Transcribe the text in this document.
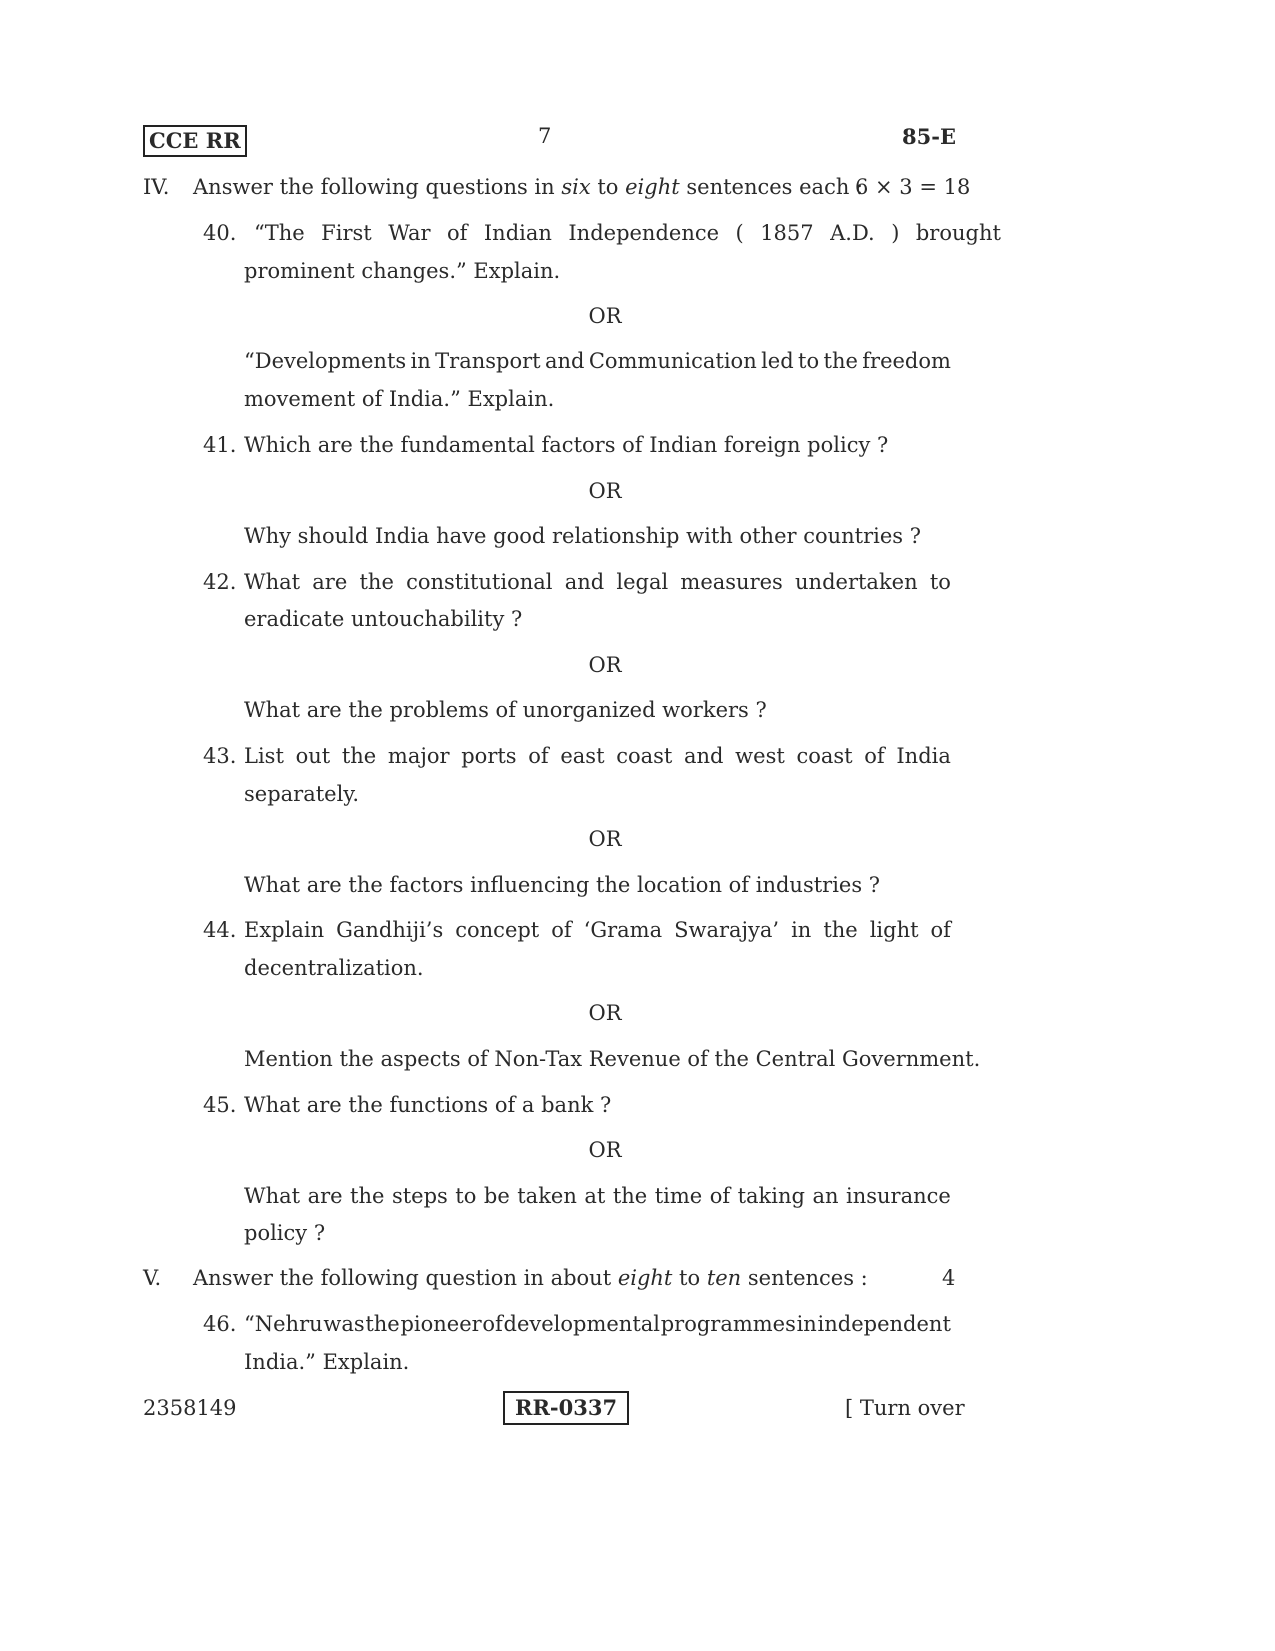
CCE RR	7	85-E
IV. Answer the following questions in six to eight sentences each :
6 × 3 = 18
40. “The First War of Indian Independence ( 1857 A.D. ) brought
prominent changes.” Explain.
OR
“Developments in Transport and Communication led to the freedom
movement of India.” Explain.
41. Which are the fundamental factors of Indian foreign policy ?
OR
Why should India have good relationship with other countries ?
42. What are the constitutional and legal measures undertaken to
eradicate untouchability ?
OR
What are the problems of unorganized workers ?
43. List out the major ports of east coast and west coast of India
separately.
OR
What are the factors influencing the location of industries ?
44. Explain Gandhiji’s concept of ‘Grama Swarajya’ in the light of
decentralization.
OR
Mention the aspects of Non-Tax Revenue of the Central Government.
45. What are the functions of a bank ?
OR
What are the steps to be taken at the time of taking an insurance
policy ?
V. Answer the following question in about eight to ten sentences :	4
46. “Nehru was the pioneer of developmental programmes in independent
India.” Explain.
2358149	RR-0337	[ Turn over
